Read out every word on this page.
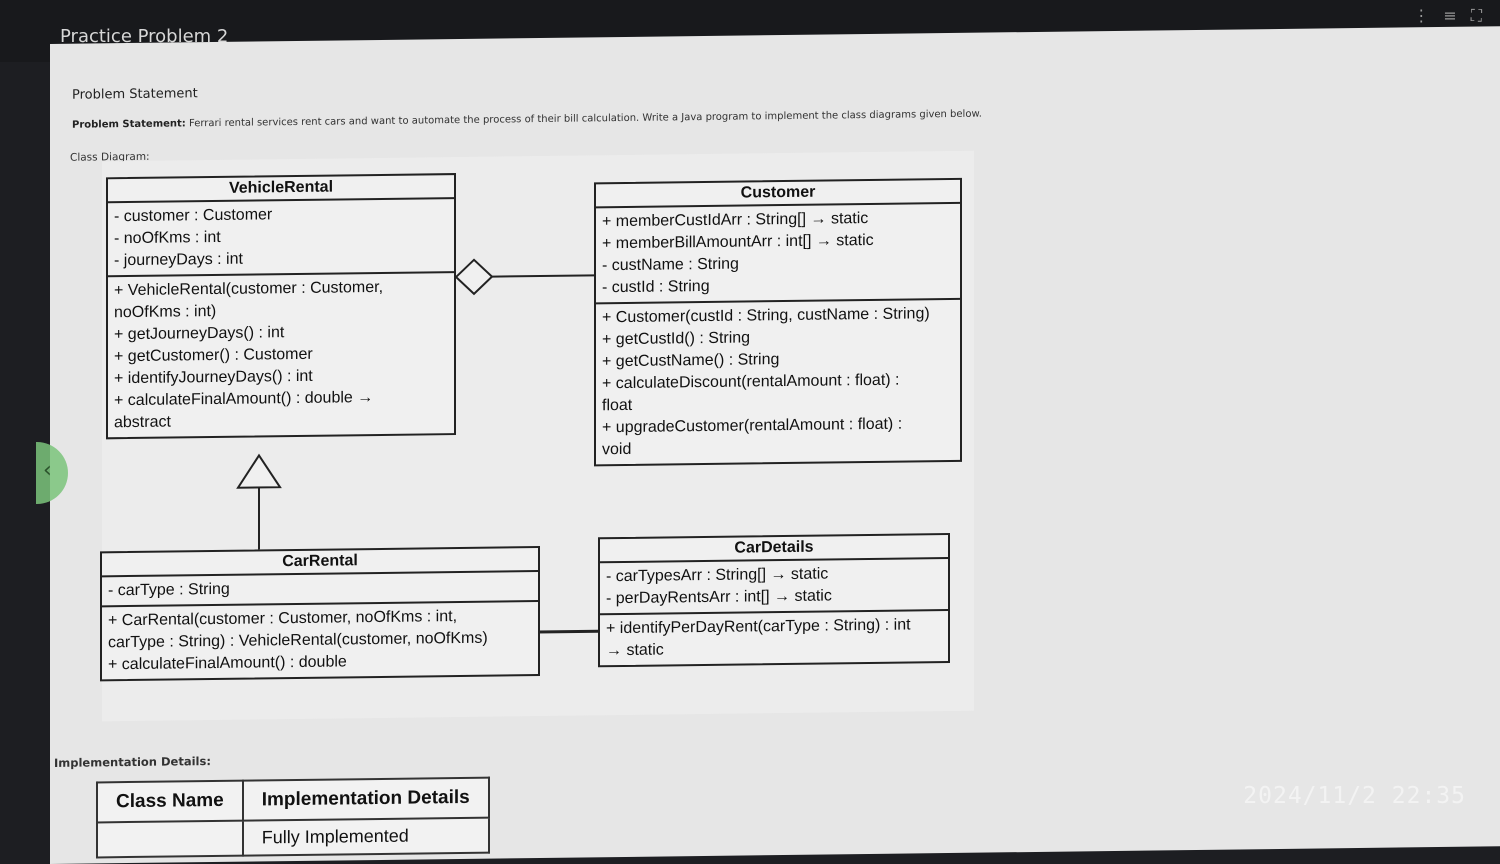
Practice Problem 2
⋮ ≡ ⛶
Problem Statement
Problem Statement: Ferrari rental services rent cars and want to automate the process of their bill calculation. Write a Java program to implement the class diagrams given below.
Class Diagram:
VehicleRental
- customer : Customer
- noOfKms : int
- journeyDays : int
+ VehicleRental(customer : Customer,
noOfKms : int)
+ getJourneyDays() : int
+ getCustomer() : Customer
+ identifyJourneyDays() : int
+ calculateFinalAmount() : double →
abstract
Customer
+ memberCustIdArr : String[] → static
+ memberBillAmountArr : int[] → static
- custName : String
- custId : String
+ Customer(custId : String, custName : String)
+ getCustId() : String
+ getCustName() : String
+ calculateDiscount(rentalAmount : float) :
float
+ upgradeCustomer(rentalAmount : float) :
void
CarRental
- carType : String
+ CarRental(customer : Customer, noOfKms : int,
carType : String) : VehicleRental(customer, noOfKms)
+ calculateFinalAmount() : double
CarDetails
- carTypesArr : String[] → static
- perDayRentsArr : int[] → static
+ identifyPerDayRent(carType : String) : int
→ static
Implementation Details:
Class Name	Implementation Details
	Fully Implemented
‹
2024/11/2 22:35
